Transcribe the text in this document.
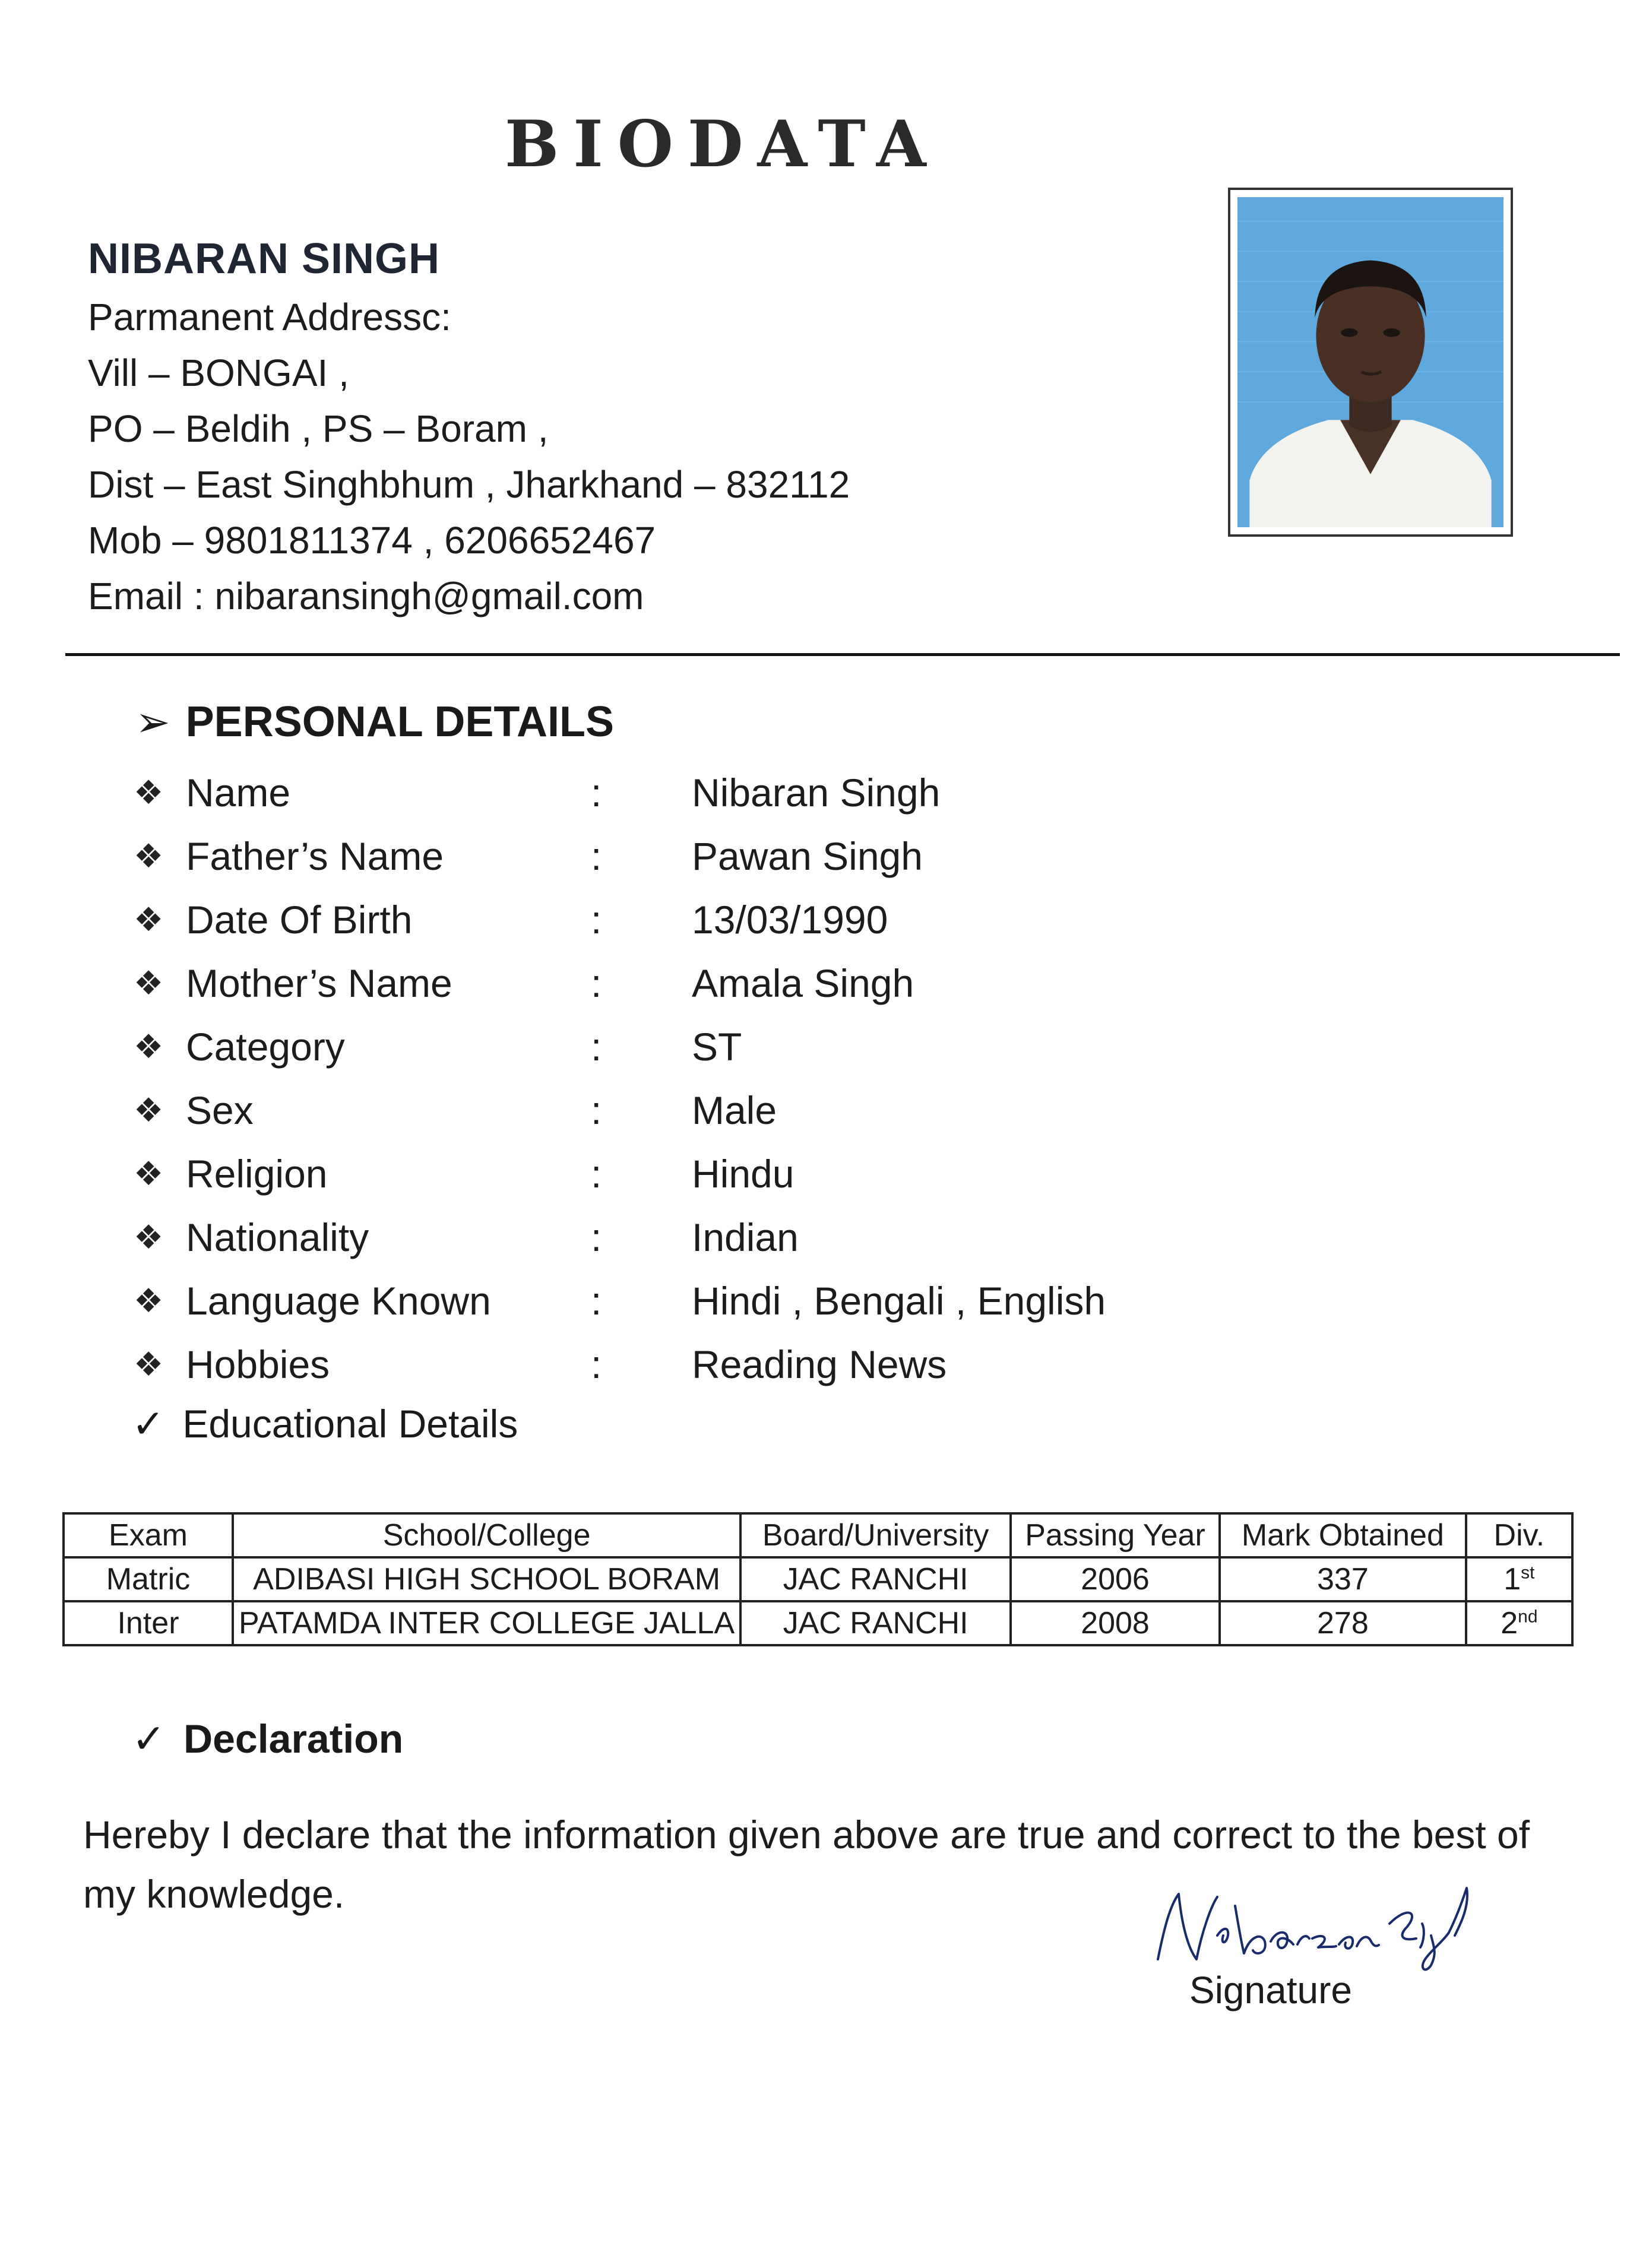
BIODATA
NIBARAN SINGH
Parmanent Addressc:
Vill – BONGAI ,
PO – Beldih , PS – Boram ,
Dist – East Singhbhum , Jharkhand – 832112
Mob – 9801811374 , 6206652467
Email : nibaransingh@gmail.com
➢ PERSONAL DETAILS
❖ Name	: Nibaran Singh
❖ Father’s Name	: Pawan Singh
❖ Date Of Birth	: 13/03/1990
❖ Mother’s Name	: Amala Singh
❖ Category	: ST
❖ Sex	: Male
❖ Religion	: Hindu
❖ Nationality	: Indian
❖ Language Known	: Hindi , Bengali , English
❖ Hobbies	: Reading News
✓ Educational Details
Exam	School/College	Board/University	Passing Year	Mark Obtained	Div.
Matric	ADIBASI HIGH SCHOOL BORAM	JAC RANCHI	2006	337	1st
Inter	PATAMDA INTER COLLEGE JALLA	JAC RANCHI	2008	278	2nd
✓ Declaration
Hereby I declare that the information given above are true and correct to the best of my knowledge.
Signature
